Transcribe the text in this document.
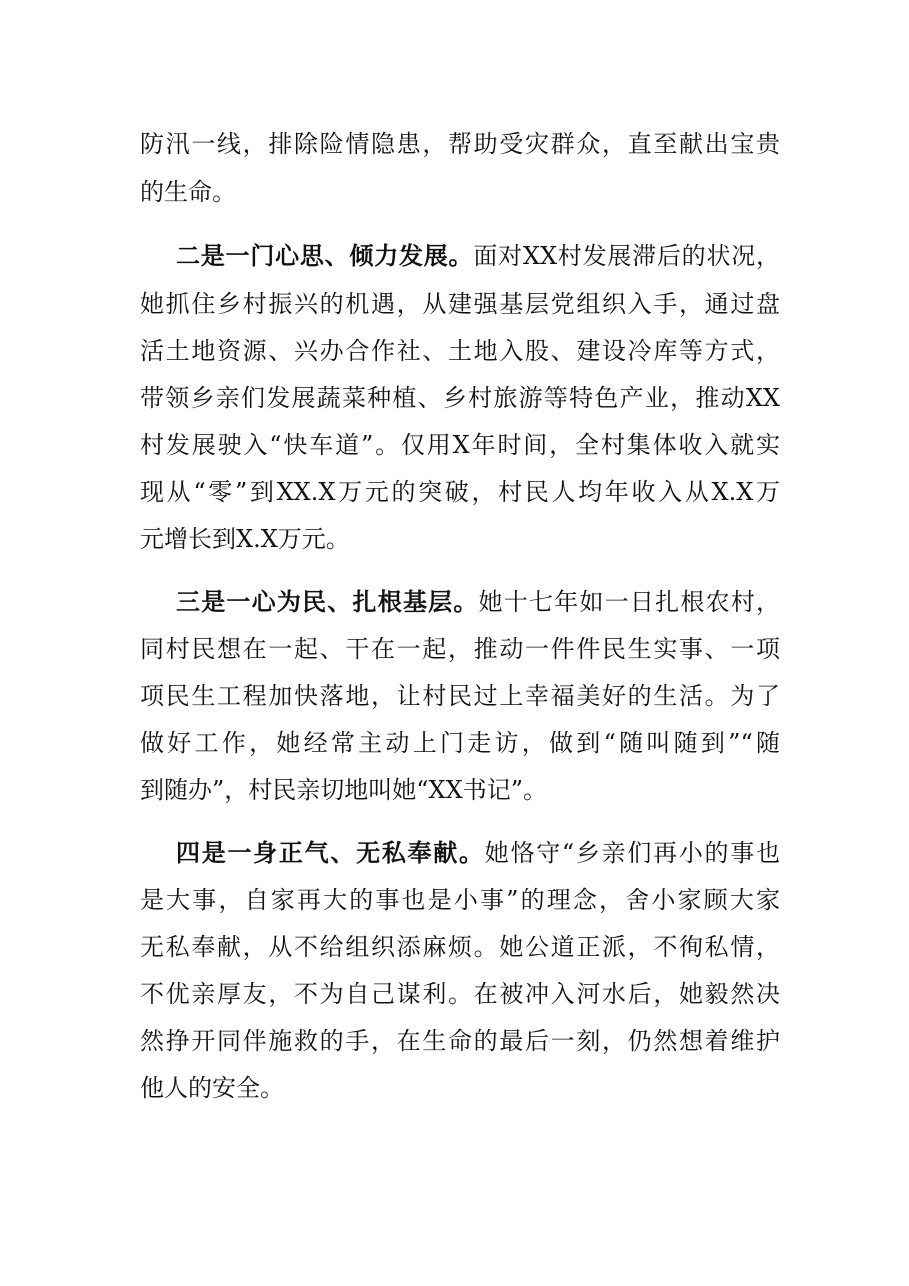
防汛一线，排除险情隐患，帮助受灾群众，直至献出宝贵
的生命。
二是一门心思、倾力发展。面对XX村发展滞后的状况，
她抓住乡村振兴的机遇，从建强基层党组织入手，通过盘
活土地资源、兴办合作社、土地入股、建设冷库等方式，
带领乡亲们发展蔬菜种植、乡村旅游等特色产业，推动XX
村发展驶入“快车道”。仅用X年时间，全村集体收入就实
现从“零”到XX.X万元的突破，村民人均年收入从X.X万
元增长到X.X万元。
三是一心为民、扎根基层。她十七年如一日扎根农村，
同村民想在一起、干在一起，推动一件件民生实事、一项
项民生工程加快落地，让村民过上幸福美好的生活。为了
做好工作，她经常主动上门走访，做到“随叫随到”“随
到随办”，村民亲切地叫她“XX书记”。
四是一身正气、无私奉献。她恪守“乡亲们再小的事也
是大事，自家再大的事也是小事”的理念，舍小家顾大家
无私奉献，从不给组织添麻烦。她公道正派，不徇私情，
不优亲厚友，不为自己谋利。在被冲入河水后，她毅然决
然挣开同伴施救的手，在生命的最后一刻，仍然想着维护
他人的安全。
